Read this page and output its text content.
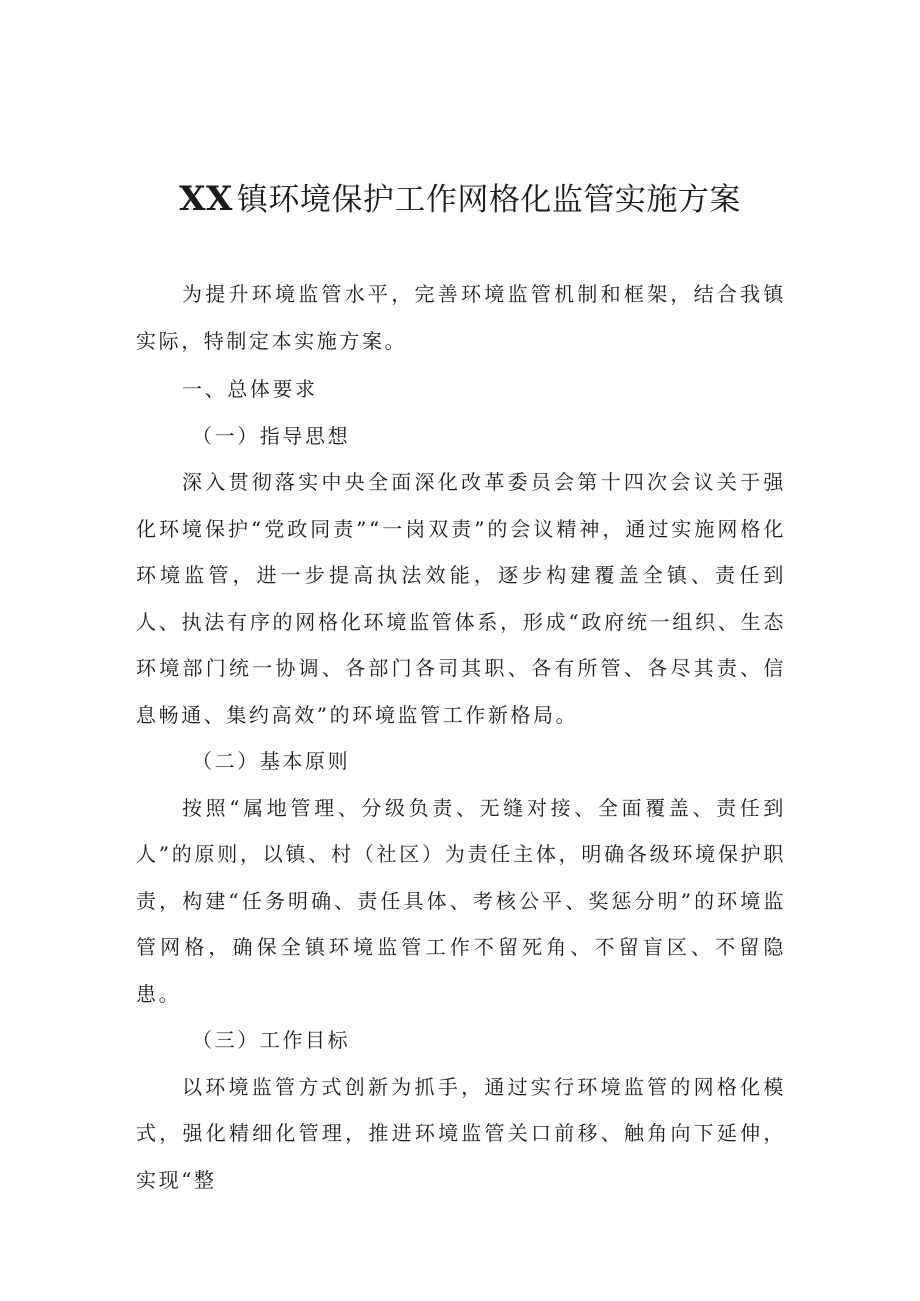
XX 镇环境保护工作网格化监管实施方案

为提升环境监管水平，完善环境监管机制和框架，结合我镇实际，特制定本实施方案。

一、总体要求

（一）指导思想

深入贯彻落实中央全面深化改革委员会第十四次会议关于强化环境保护“党政同责”“一岗双责”的会议精神，通过实施网格化环境监管，进一步提高执法效能，逐步构建覆盖全镇、责任到人、执法有序的网格化环境监管体系，形成“政府统一组织、生态环境部门统一协调、各部门各司其职、各有所管、各尽其责、信息畅通、集约高效”的环境监管工作新格局。

（二）基本原则

按照“属地管理、分级负责、无缝对接、全面覆盖、责任到人”的原则，以镇、村（社区）为责任主体，明确各级环境保护职责，构建“任务明确、责任具体、考核公平、奖惩分明”的环境监管网格，确保全镇环境监管工作不留死角、不留盲区、不留隐患。

（三）工作目标

以环境监管方式创新为抓手，通过实行环境监管的网格化模式，强化精细化管理，推进环境监管关口前移、触角向下延伸，实现“整
